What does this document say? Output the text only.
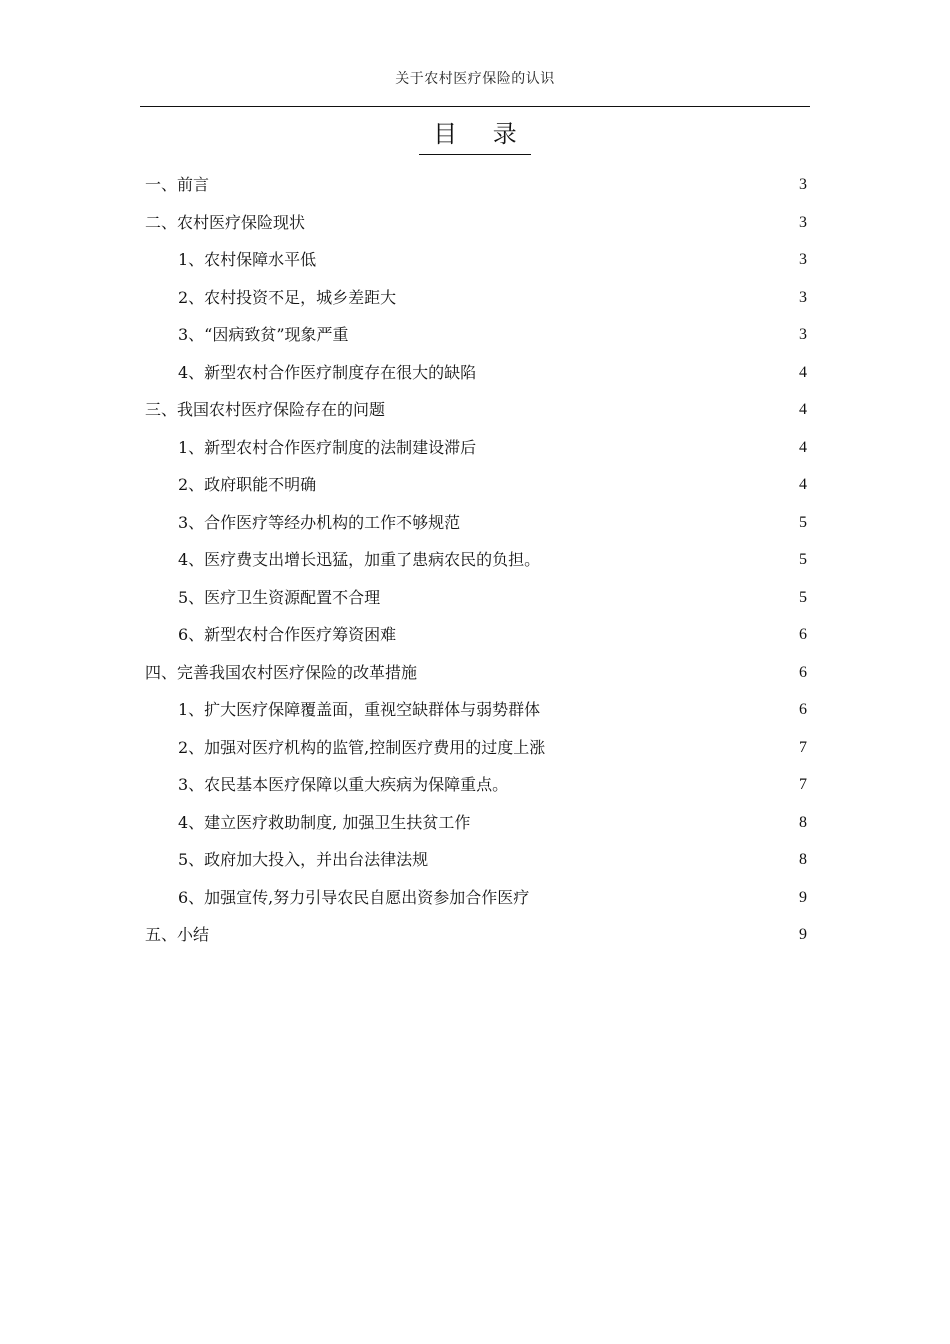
关于农村医疗保险的认识
目 录
一、前言	3
二、农村医疗保险现状	3
1、农村保障水平低	3
2、农村投资不足，城乡差距大	3
3、“因病致贫”现象严重	3
4、新型农村合作医疗制度存在很大的缺陷	4
三、我国农村医疗保险存在的问题	4
1、新型农村合作医疗制度的法制建设滞后	4
2、政府职能不明确	4
3、合作医疗等经办机构的工作不够规范	5
4、医疗费支出增长迅猛，加重了患病农民的负担。	5
5、医疗卫生资源配置不合理	5
6、新型农村合作医疗筹资困难	6
四、完善我国农村医疗保险的改革措施	6
1、扩大医疗保障覆盖面，重视空缺群体与弱势群体	6
2、加强对医疗机构的监管,控制医疗费用的过度上涨	7
3、农民基本医疗保障以重大疾病为保障重点。	7
4、建立医疗救助制度, 加强卫生扶贫工作	8
5、政府加大投入，并出台法律法规	8
6、加强宣传,努力引导农民自愿出资参加合作医疗	9
五、小结	9
